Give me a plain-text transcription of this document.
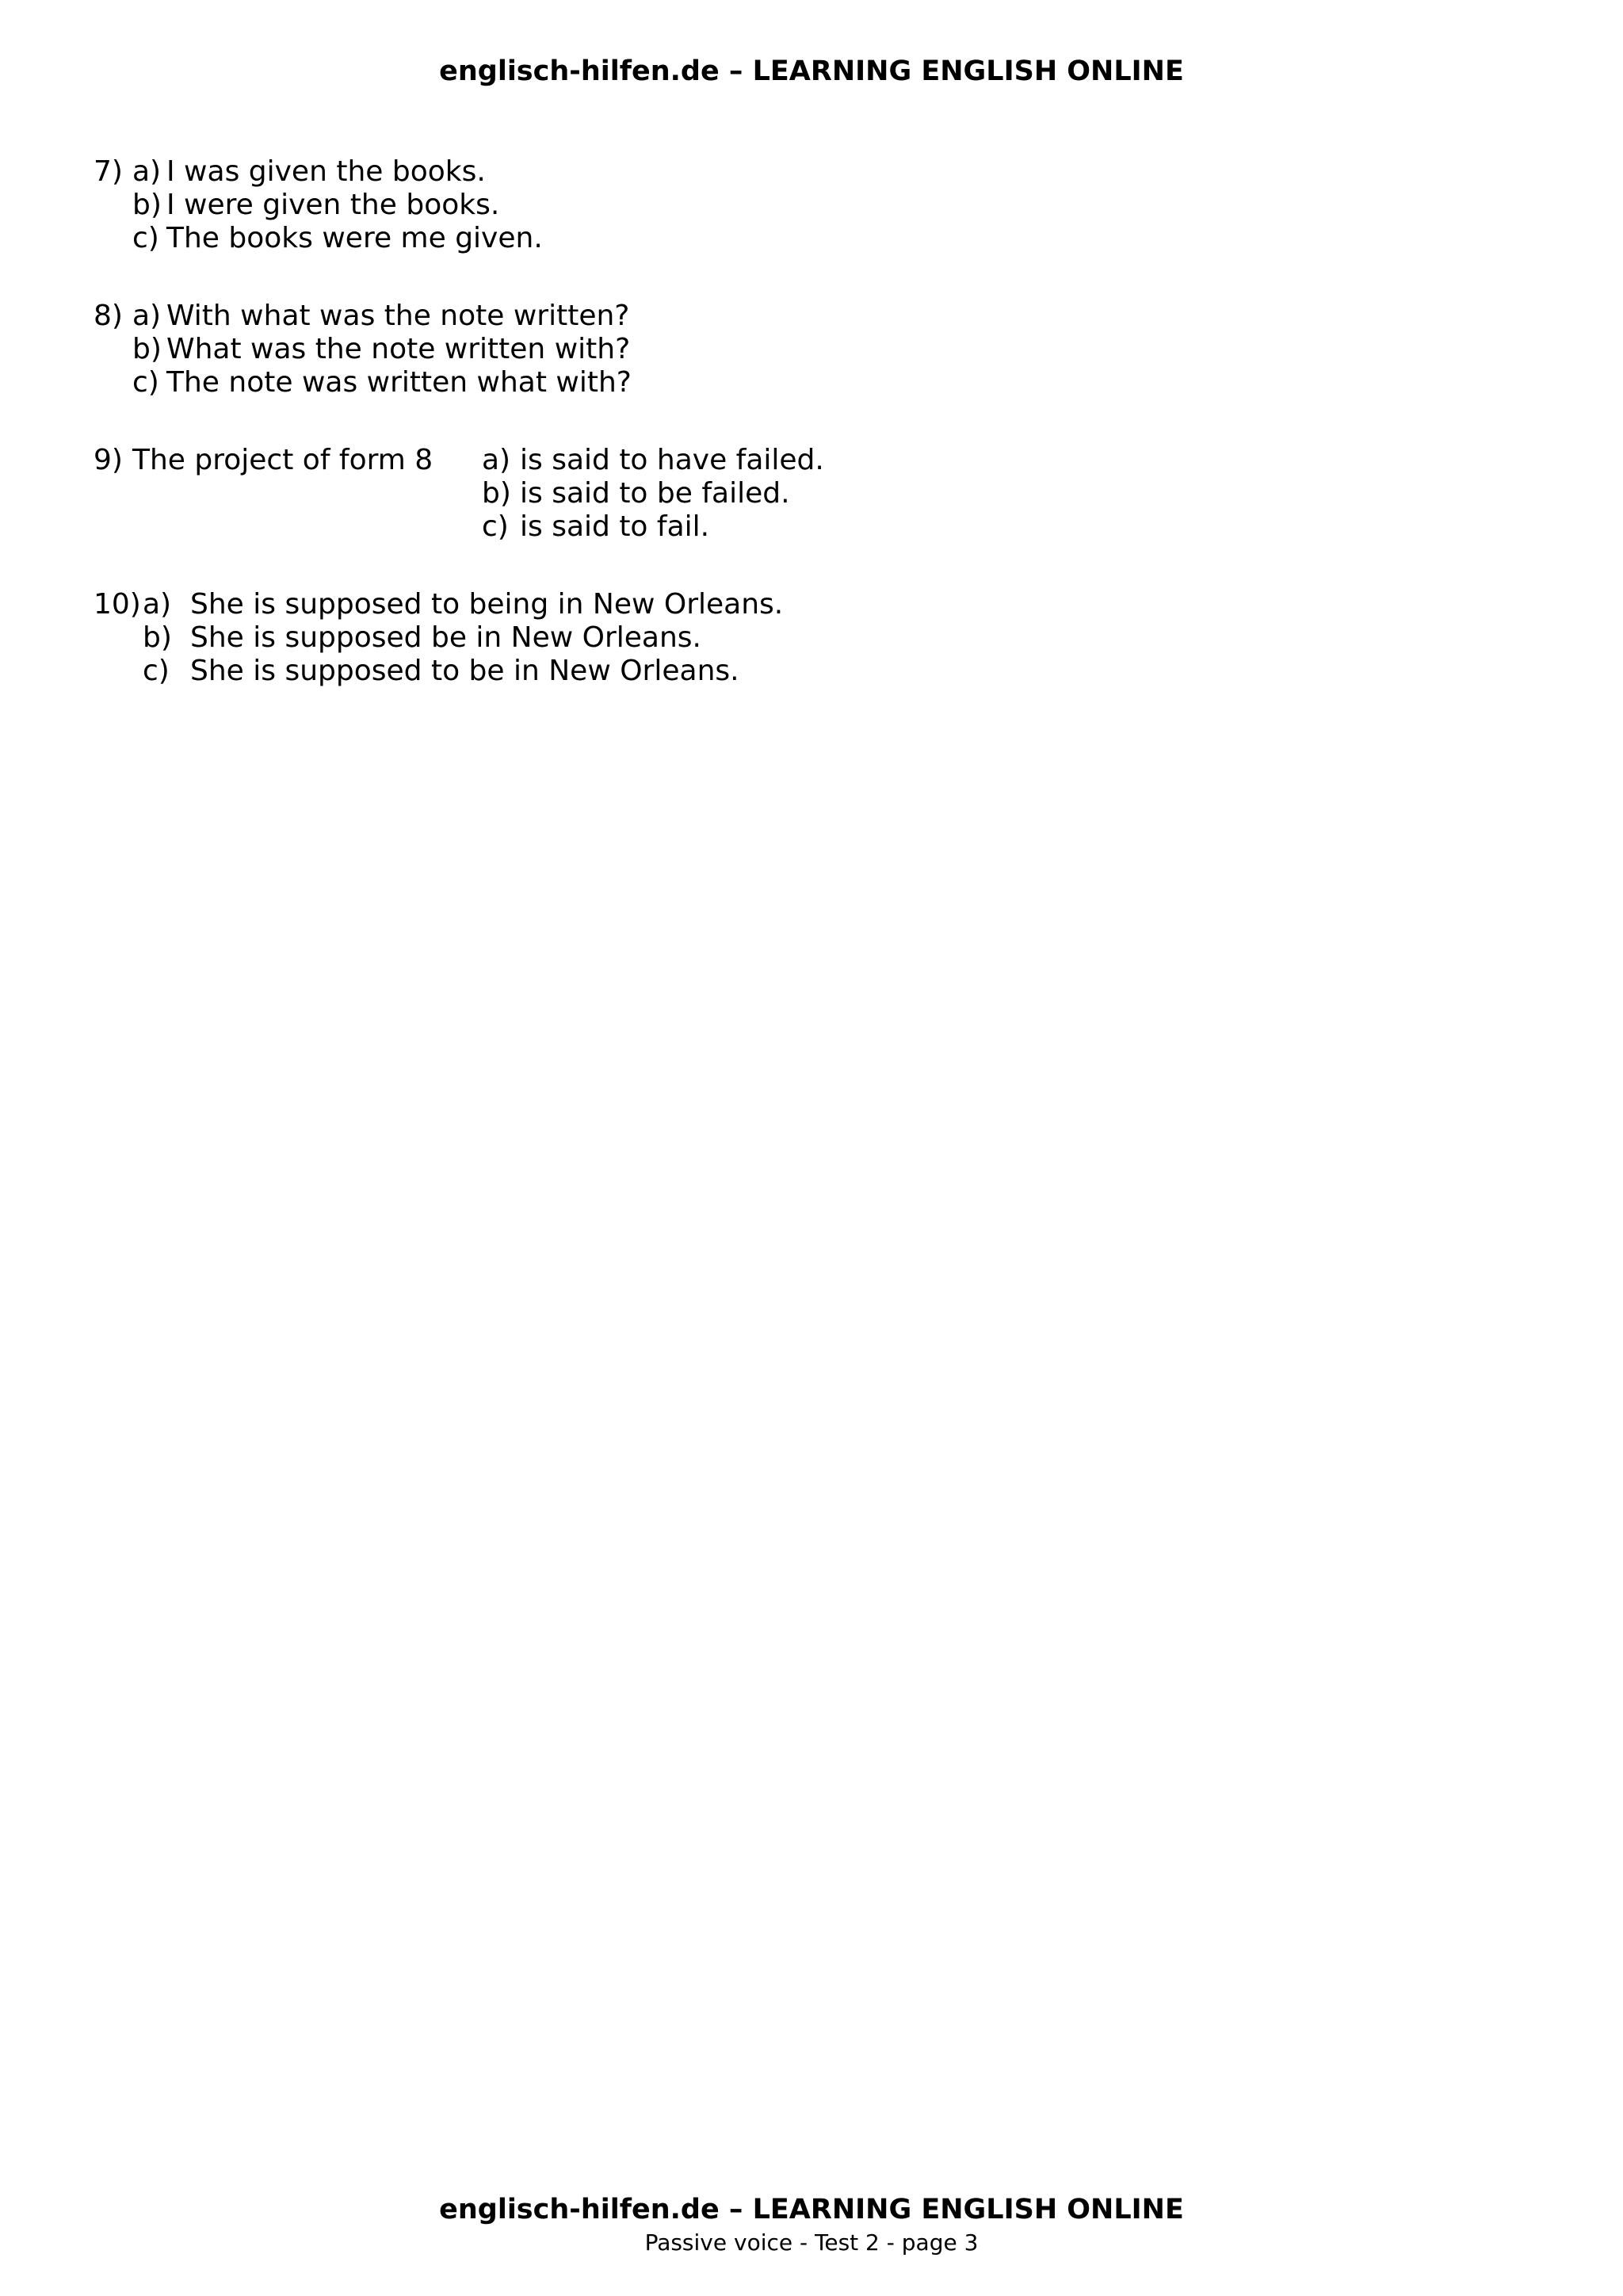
englisch-hilfen.de – LEARNING ENGLISH ONLINE
7) a) I was given the books.
b) I were given the books.
c) The books were me given.
8) a) With what was the note written?
b) What was the note written with?
c) The note was written what with?
9) The project of form 8 a) is said to have failed.
b) is said to be failed.
c) is said to fail.
10) a) She is supposed to being in New Orleans.
b) She is supposed be in New Orleans.
c) She is supposed to be in New Orleans.
englisch-hilfen.de – LEARNING ENGLISH ONLINE
Passive voice - Test 2 - page 3
